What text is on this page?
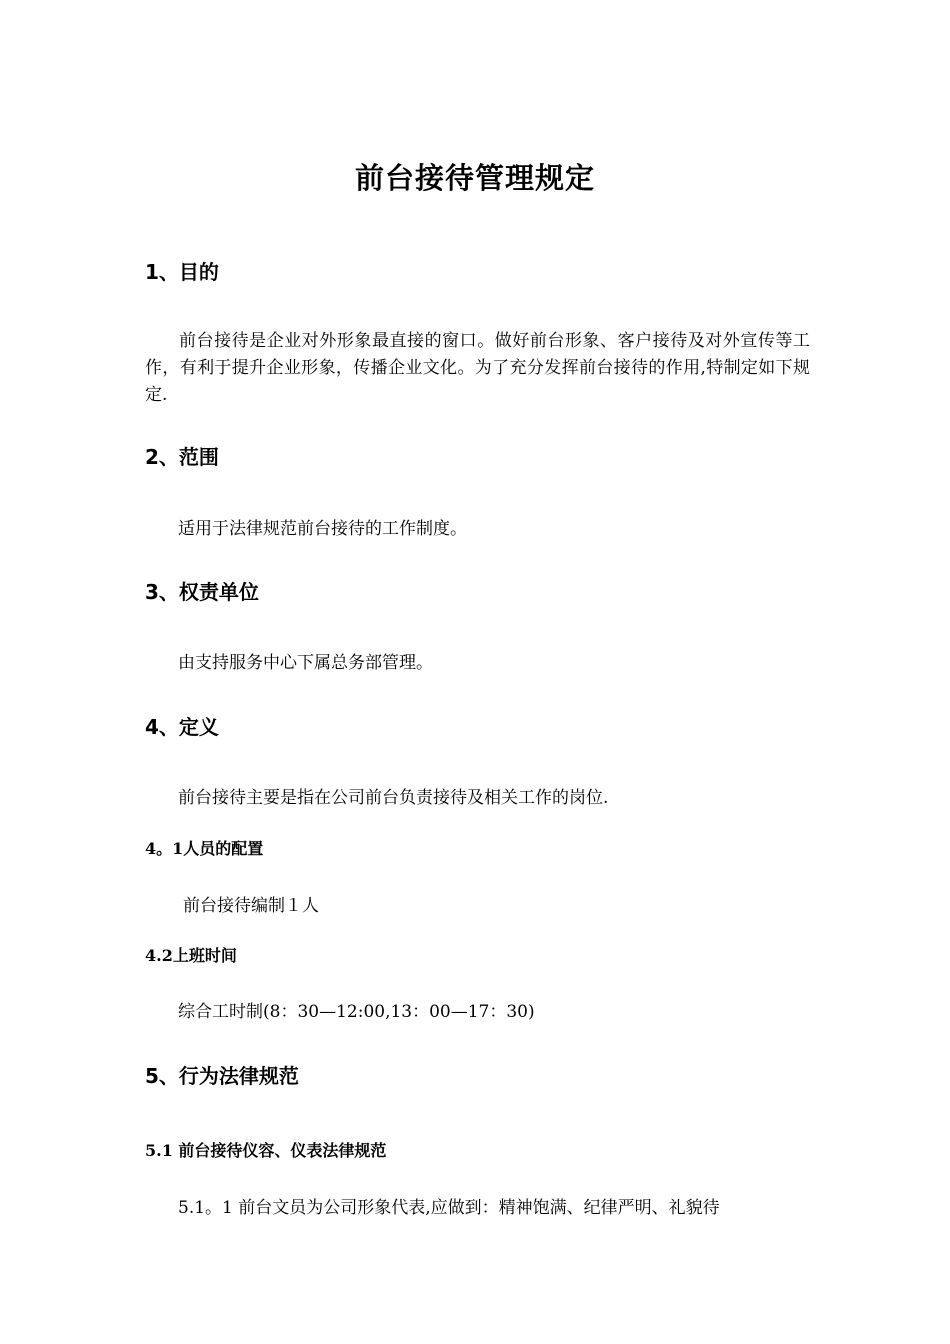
前台接待管理规定
1、目的

前台接待是企业对外形象最直接的窗口。做好前台形象、客户接待及对外宣传等工作，有利于提升企业形象，传播企业文化。为了充分发挥前台接待的作用,特制定如下规定.

2、范围
适用于法律规范前台接待的工作制度。
3、权责单位
由支持服务中心下属总务部管理。
4、定义
前台接待主要是指在公司前台负责接待及相关工作的岗位.
4。1人员的配置
前台接待编制１人
4.2上班时间
综合工时制(8：30—12:00,13：00—17：30)
5、行为法律规范
5.1 前台接待仪容、仪表法律规范
5.1。1 前台文员为公司形象代表,应做到：精神饱满、纪律严明、礼貌待
